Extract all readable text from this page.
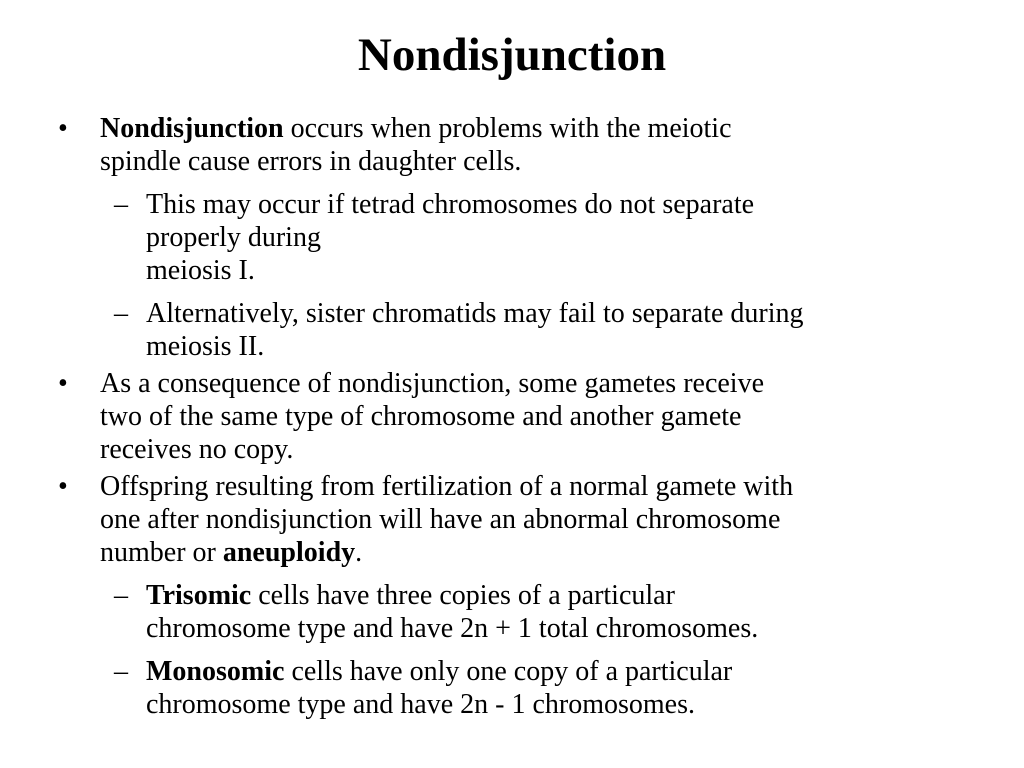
Nondisjunction
• Nondisjunction occurs when problems with the meiotic
spindle cause errors in daughter cells.
– This may occur if tetrad chromosomes do not separate
properly during
meiosis I.
– Alternatively, sister chromatids may fail to separate during
meiosis II.
• As a consequence of nondisjunction, some gametes receive
two of the same type of chromosome and another gamete
receives no copy.
• Offspring resulting from fertilization of a normal gamete with
one after nondisjunction will have an abnormal chromosome
number or aneuploidy.
– Trisomic cells have three copies of a particular
chromosome type and have 2n + 1 total chromosomes.
– Monosomic cells have only one copy of a particular
chromosome type and have 2n - 1 chromosomes.
